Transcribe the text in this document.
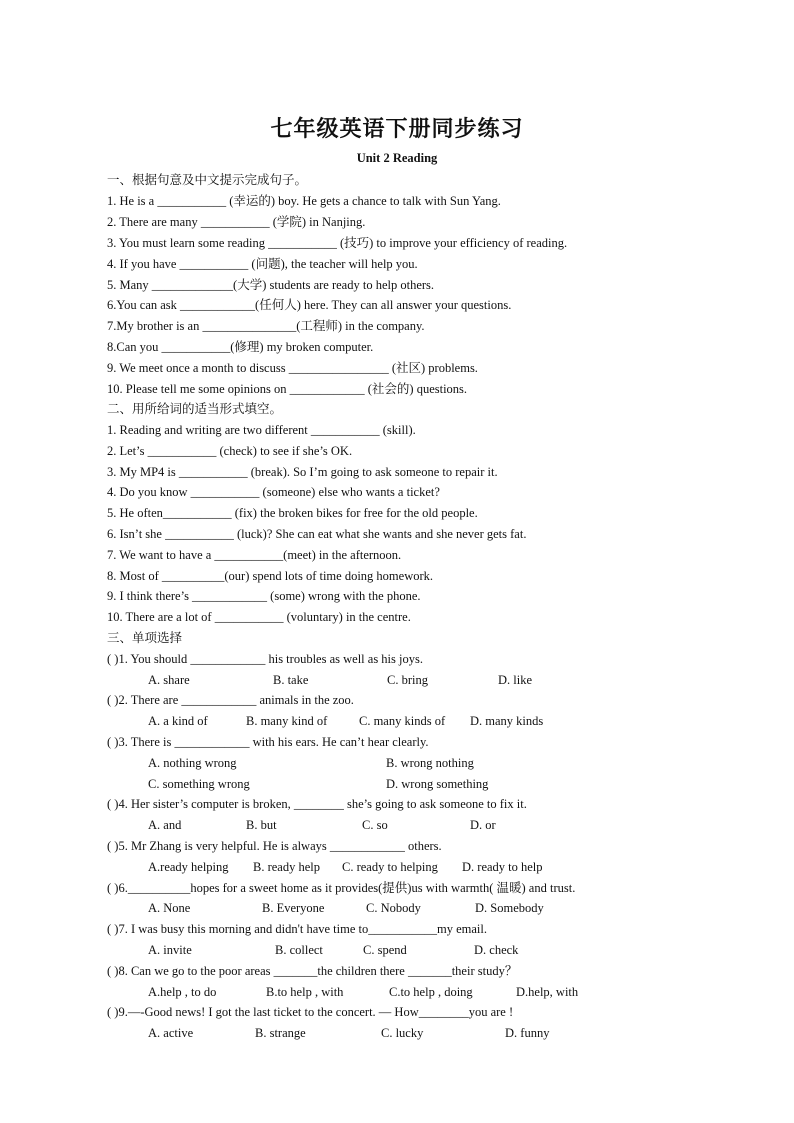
七年级英语下册同步练习
Unit 2 Reading
一、根据句意及中文提示完成句子。
1. He is a ___________ (幸运的) boy. He gets a chance to talk with Sun Yang.
2. There are many ___________ (学院) in Nanjing.
3. You must learn some reading ___________ (技巧) to improve your efficiency of reading.
4. If you have ___________ (问题), the teacher will help you.
5. Many _____________(大学) students are ready to help others.
6.You can ask ____________(任何人) here. They can all answer your questions.
7.My brother is an _______________(工程师) in the company.
8.Can you ___________(修理) my broken computer.
9. We meet once a month to discuss ________________ (社区) problems.
10. Please tell me some opinions on ____________ (社会的) questions.
二、用所给词的适当形式填空。
1. Reading and writing are two different ___________ (skill).
2. Let’s ___________ (check) to see if she’s OK.
3. My MP4 is ___________ (break). So I’m going to ask someone to repair it.
4. Do you know ___________ (someone) else who wants a ticket?
5. He often___________ (fix) the broken bikes for free for the old people.
6. Isn’t she ___________ (luck)? She can eat what she wants and she never gets fat.
7. We want to have a ___________(meet) in the afternoon.
8. Most of __________(our) spend lots of time doing homework.
9. I think there’s ____________ (some) wrong with the phone.
10. There are a lot of ___________ (voluntary) in the centre.
三、单项选择
( )1. You should ____________ his troubles as well as his joys.
A. share	B. take	C. bring	D. like
( )2. There are ____________ animals in the zoo.
A. a kind of	B. many kind of	C. many kinds of D. many kinds
( )3. There is ____________ with his ears. He can’t hear clearly.
A. nothing wrong	B. wrong nothing
C. something wrong	D. wrong something
( )4. Her sister’s computer is broken, ________ she’s going to ask someone to fix it.
A. and	B. but	C. so	D. or
( )5. Mr Zhang is very helpful. He is always ____________ others.
A.ready helping B. ready help C. ready to helping D. ready to help
( )6.__________hopes for a sweet home as it provides(提供)us with warmth( 温暖) and trust.
A. None	B. Everyone	C. Nobody	D. Somebody
( )7. I was busy this morning and didn't have time to___________my email.
A. invite	B. collect	C. spend	D. check
( )8. Can we go to the poor areas _______the children there _______their study？
A.help , to do	B.to help , with	C.to help , doing	D.help, with
( )9.—-Good news! I got the last ticket to the concert. — How________you are !
A. active	B. strange	C. lucky	D. funny
